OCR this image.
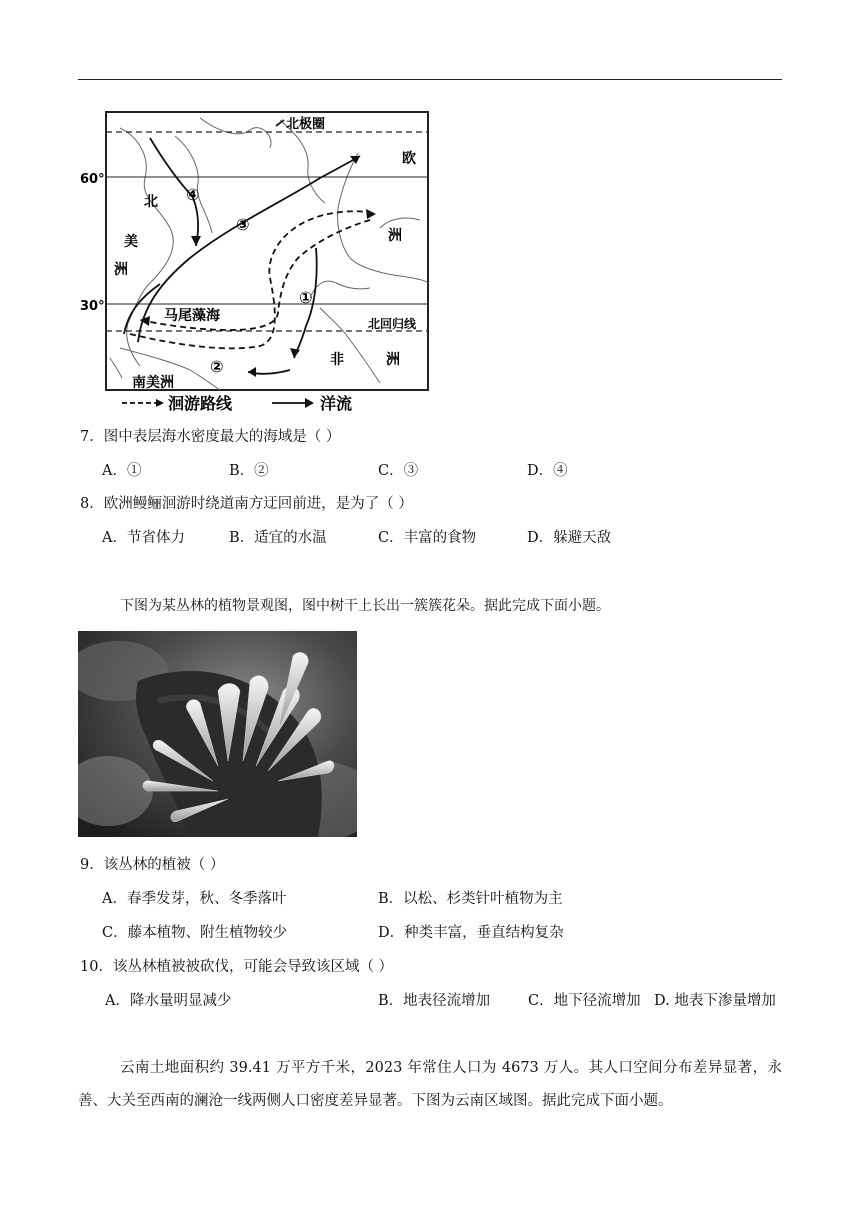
北极圈
60°
30°
北
美
洲
欧
洲
马尾藻海	北回归线
非	洲
南美洲
④
③
①
②
洄游路线	洋流
7．图中表层海水密度最大的海域是（ ）
A．①	B．②	C．③	D．④
8．欧洲鳗鲡洄游时绕道南方迂回前进，是为了（ ）
A．节省体力	B．适宜的水温	C．丰富的食物	D．躲避天敌
下图为某丛林的植物景观图，图中树干上长出一簇簇花朵。据此完成下面小题。
9．该丛林的植被（ ）
A．春季发芽，秋、冬季落叶	B．以松、杉类针叶植物为主
C．藤本植物、附生植物较少	D．种类丰富，垂直结构复杂
10．该丛林植被被砍伐，可能会导致该区域（ ）
A．降水量明显减少	B．地表径流增加	C．地下径流增加 D. 地表下渗量增加
云南土地面积约 39.41 万平方千米，2023 年常住人口为 4673 万人。其人口空间分布差异显著，永善、大关至西南的澜沧一线两侧人口密度差异显著。下图为云南区域图。据此完成下面小题。
